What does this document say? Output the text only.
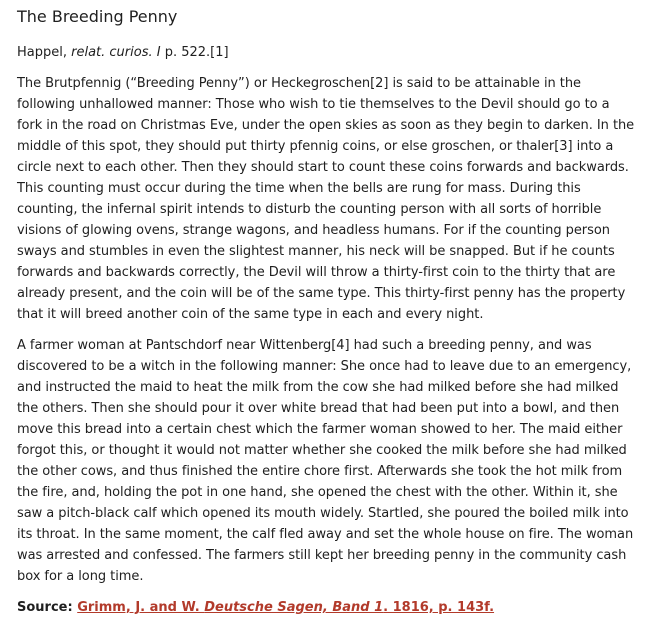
The Breeding Penny
Happel, relat. curios. I p. 522.[1]

The Brutpfennig (“Breeding Penny”) or Heckegroschen[2] is said to be attainable in the following unhallowed manner: Those who wish to tie themselves to the Devil should go to a fork in the road on Christmas Eve, under the open skies as soon as they begin to darken. In the middle of this spot, they should put thirty pfennig coins, or else groschen, or thaler[3] into a circle next to each other. Then they should start to count these coins forwards and backwards. This counting must occur during the time when the bells are rung for mass. During this counting, the infernal spirit intends to disturb the counting person with all sorts of horrible visions of glowing ovens, strange wagons, and headless humans. For if the counting person sways and stumbles in even the slightest manner, his neck will be snapped. But if he counts forwards and backwards correctly, the Devil will throw a thirty-first coin to the thirty that are already present, and the coin will be of the same type. This thirty-first penny has the property that it will breed another coin of the same type in each and every night.

A farmer woman at Pantschdorf near Wittenberg[4] had such a breeding penny, and was discovered to be a witch in the following manner: She once had to leave due to an emergency, and instructed the maid to heat the milk from the cow she had milked before she had milked the others. Then she should pour it over white bread that had been put into a bowl, and then move this bread into a certain chest which the farmer woman showed to her. The maid either forgot this, or thought it would not matter whether she cooked the milk before she had milked the other cows, and thus finished the entire chore first. Afterwards she took the hot milk from the fire, and, holding the pot in one hand, she opened the chest with the other. Within it, she saw a pitch-black calf which opened its mouth widely. Startled, she poured the boiled milk into its throat. In the same moment, the calf fled away and set the whole house on fire. The woman was arrested and confessed. The farmers still kept her breeding penny in the community cash box for a long time.

Source: Grimm, J. and W. Deutsche Sagen, Band 1. 1816, p. 143f.
